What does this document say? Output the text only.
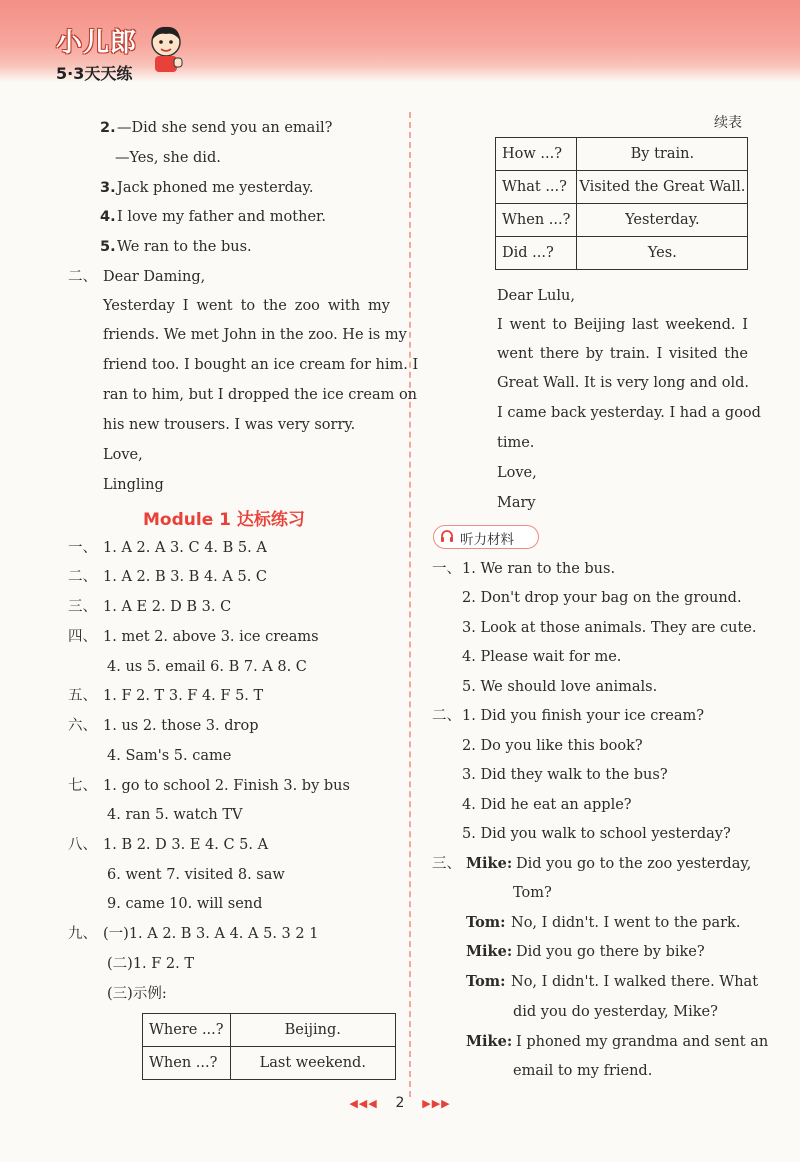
小儿郎
5·3天天练
2. —Did she send you an email?
—Yes, she did.
3. Jack phoned me yesterday.
4. I love my father and mother.
5. We ran to the bus.
二、 Dear Daming,
Yesterday I went to the zoo with my
friends. We met John in the zoo. He is my
friend too. I bought an ice cream for him. I
ran to him, but I dropped the ice cream on
his new trousers. I was very sorry.
Love,
Lingling
Module 1 达标练习
一、 1. A 2. A 3. C 4. B 5. A
二、 1. A 2. B 3. B 4. A 5. C
三、 1. A E 2. D B 3. C
四、 1. met 2. above 3. ice creams
4. us 5. email 6. B 7. A 8. C
五、 1. F 2. T 3. F 4. F 5. T
六、 1. us 2. those 3. drop
4. Sam's 5. came
七、 1. go to school 2. Finish 3. by bus
4. ran 5. watch TV
八、 1. B 2. D 3. E 4. C 5. A
6. went 7. visited 8. saw
9. came 10. will send
九、 (一)1. A 2. B 3. A 4. A 5. 3 2 1
(二)1. F 2. T
(三)示例:
Where ...?	Beijing.
When ...?	Last weekend.
续表
How ...?	By train.
What ...?	Visited the Great Wall.
When ...?	Yesterday.
Did ...?	Yes.
Dear Lulu,
I went to Beijing last weekend. I
went there by train. I visited the
Great Wall. It is very long and old.
I came back yesterday. I had a good
time.
Love,
Mary
听力材料
一、 1. We ran to the bus.
2. Don't drop your bag on the ground.
3. Look at those animals. They are cute.
4. Please wait for me.
5. We should love animals.
二、 1. Did you finish your ice cream?
2. Do you like this book?
3. Did they walk to the bus?
4. Did he eat an apple?
5. Did you walk to school yesterday?
三、 Mike: Did you go to the zoo yesterday,
Tom?
Tom: No, I didn't. I went to the park.
Mike: Did you go there by bike?
Tom: No, I didn't. I walked there. What
did you do yesterday, Mike?
Mike: I phoned my grandma and sent an
email to my friend.
◀◀◀ 2 ▶▶▶
